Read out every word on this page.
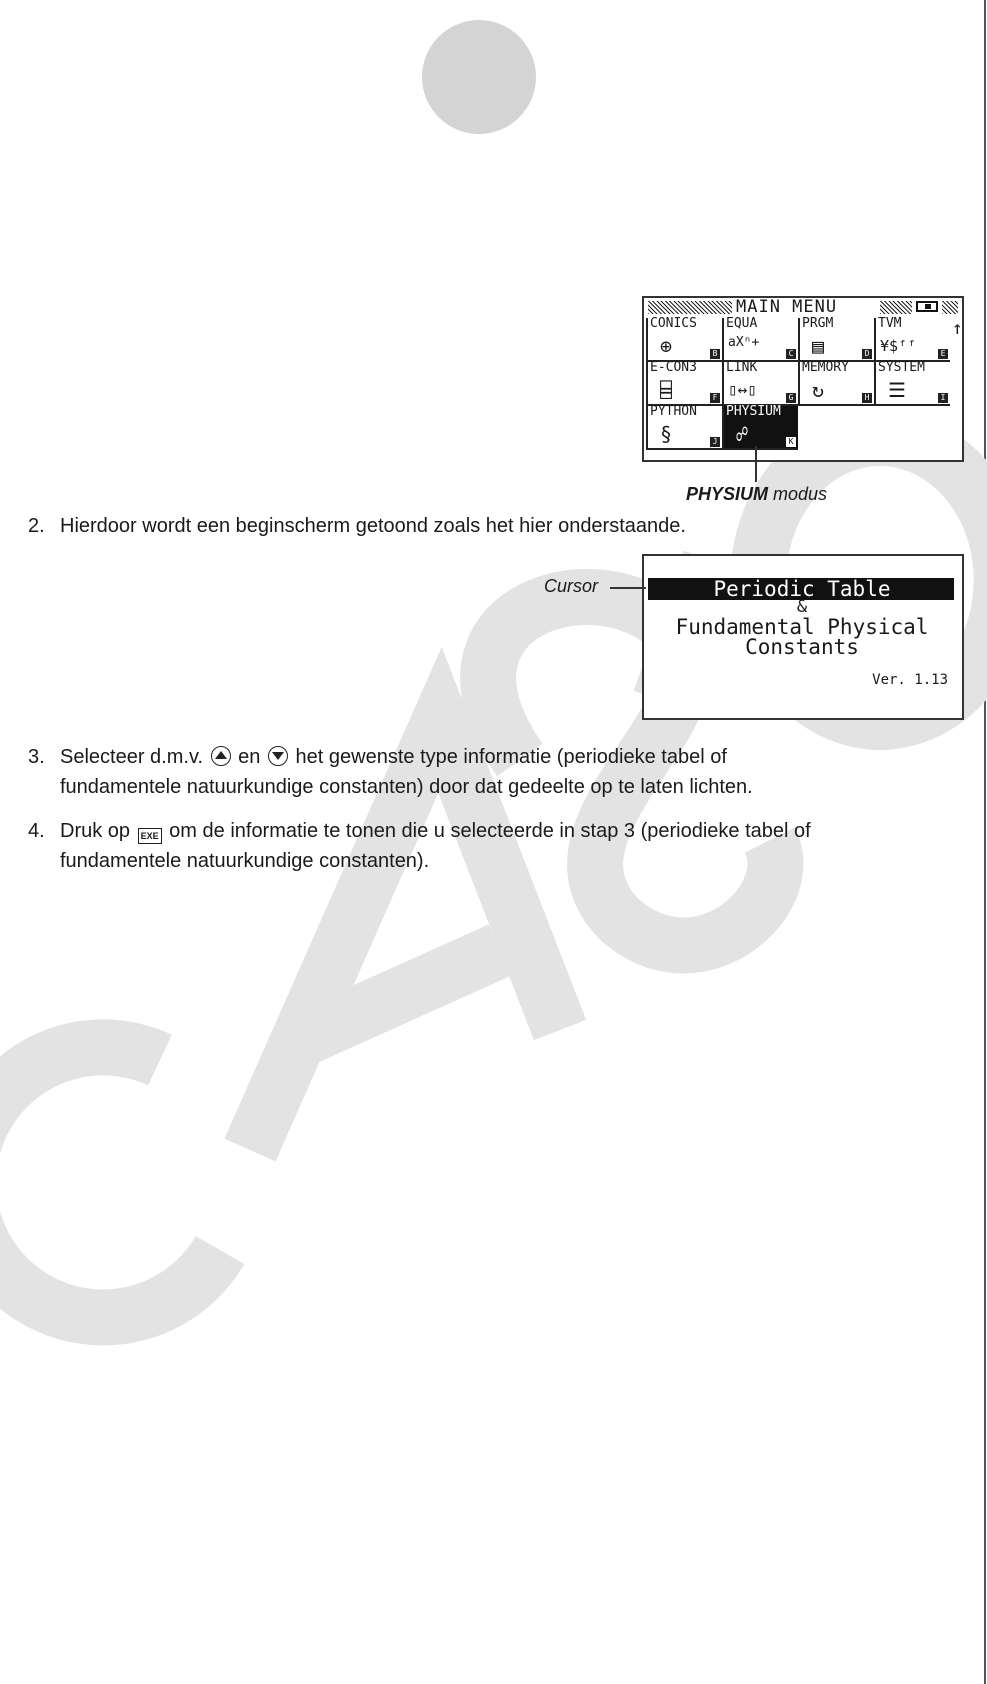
MAIN MENU
CONICS
⊕	B
EQUA
aXⁿ+
C
PRGM
▤	D
TVM
¥$ᶠᶠ	E
↑
E-CON3
⌸	F
LINK
▯↔▯	G
MEMORY
↻	H
SYSTEM
☰	I
PYTHON
§	J
PHYSIUM
☍	K
PHYSIUM modus
2. Hierdoor wordt een beginscherm getoond zoals het hier onderstaande.
Periodic Table
&
Fundamental Physical
Constants
Ver. 1.13
Cursor
3. Selecteer d.m.v. en het gewenste type informatie (periodieke tabel of
fundamentele natuurkundige constanten) door dat gedeelte op te laten lichten.
4. Druk op EXE om de informatie te tonen die u selecteerde in stap 3 (periodieke tabel of
fundamentele natuurkundige constanten).
